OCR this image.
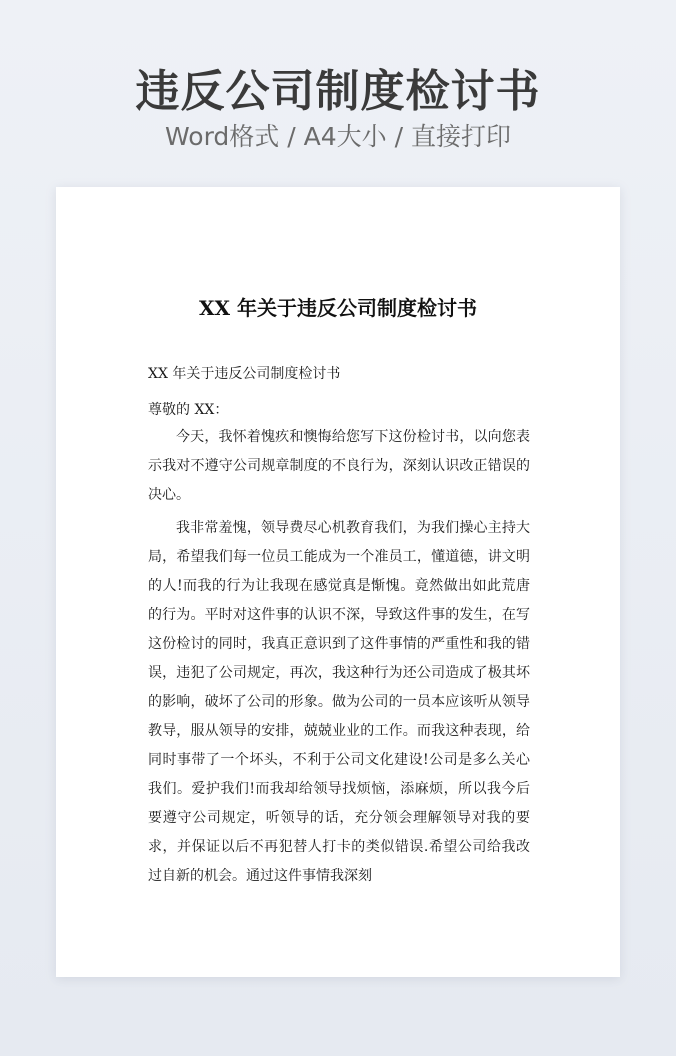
违反公司制度检讨书
Word格式 / A4大小 / 直接打印
XX 年关于违反公司制度检讨书

XX 年关于违反公司制度检讨书

尊敬的 XX：

今天，我怀着愧疚和懊悔给您写下这份检讨书，以向您表示我对不遵守公司规章制度的不良行为，深刻认识改正错误的决心。

我非常羞愧，领导费尽心机教育我们，为我们操心主持大局，希望我们每一位员工能成为一个准员工，懂道德，讲文明的人!而我的行为让我现在感觉真是惭愧。竟然做出如此荒唐的行为。平时对这件事的认识不深，导致这件事的发生，在写这份检讨的同时，我真正意识到了这件事情的严重性和我的错误，违犯了公司规定，再次，我这种行为还公司造成了极其坏的影响，破坏了公司的形象。做为公司的一员本应该听从领导教导，服从领导的安排，兢兢业业的工作。而我这种表现，给同时事带了一个坏头，不利于公司文化建设!公司是多么关心我们。爱护我们!而我却给领导找烦恼，添麻烦，所以我今后要遵守公司规定，听领导的话，充分领会理解领导对我的要求，并保证以后不再犯替人打卡的类似错误.希望公司给我改过自新的机会。通过这件事情我深刻
